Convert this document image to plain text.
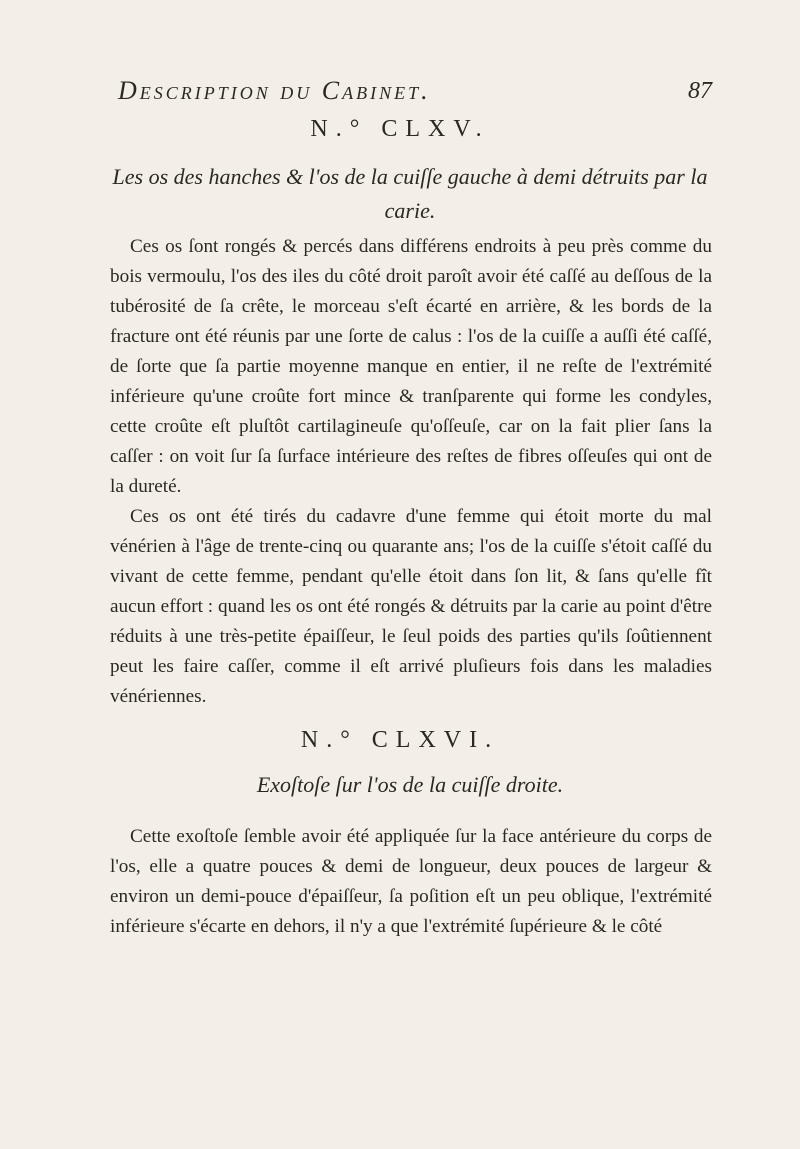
Description du Cabinet.	87
N.° CLXV.
Les os des hanches & l'os de la cuiſſe gauche à demi détruits par la carie.

Ces os ſont rongés & percés dans différens endroits à peu près comme du bois vermoulu, l'os des iles du côté droit paroît avoir été caſſé au deſſous de la tubérosité de ſa crête, le morceau s'eſt écarté en arrière, & les bords de la fracture ont été réunis par une ſorte de calus : l'os de la cuiſſe a auſſi été caſſé, de ſorte que ſa partie moyenne manque en entier, il ne reſte de l'extrémité inférieure qu'une croûte fort mince & tranſparente qui forme les condyles, cette croûte eſt pluſtôt cartilagineuſe qu'oſſeuſe, car on la fait plier ſans la caſſer : on voit ſur ſa ſurface intérieure des reſtes de fibres oſſeuſes qui ont de la dureté.

Ces os ont été tirés du cadavre d'une femme qui étoit morte du mal vénérien à l'âge de trente-cinq ou quarante ans; l'os de la cuiſſe s'étoit caſſé du vivant de cette femme, pendant qu'elle étoit dans ſon lit, & ſans qu'elle fît aucun effort : quand les os ont été rongés & détruits par la carie au point d'être réduits à une très-petite épaiſſeur, le ſeul poids des parties qu'ils ſoûtiennent peut les faire caſſer, comme il eſt arrivé pluſieurs fois dans les maladies vénériennes.

N.° CLXVI.
Exoſtoſe ſur l'os de la cuiſſe droite.

Cette exoſtoſe ſemble avoir été appliquée ſur la face antérieure du corps de l'os, elle a quatre pouces & demi de longueur, deux pouces de largeur & environ un demi-pouce d'épaiſſeur, ſa poſition eſt un peu oblique, l'extrémité inférieure s'écarte en dehors, il n'y a que l'extrémité ſupérieure & le côté
